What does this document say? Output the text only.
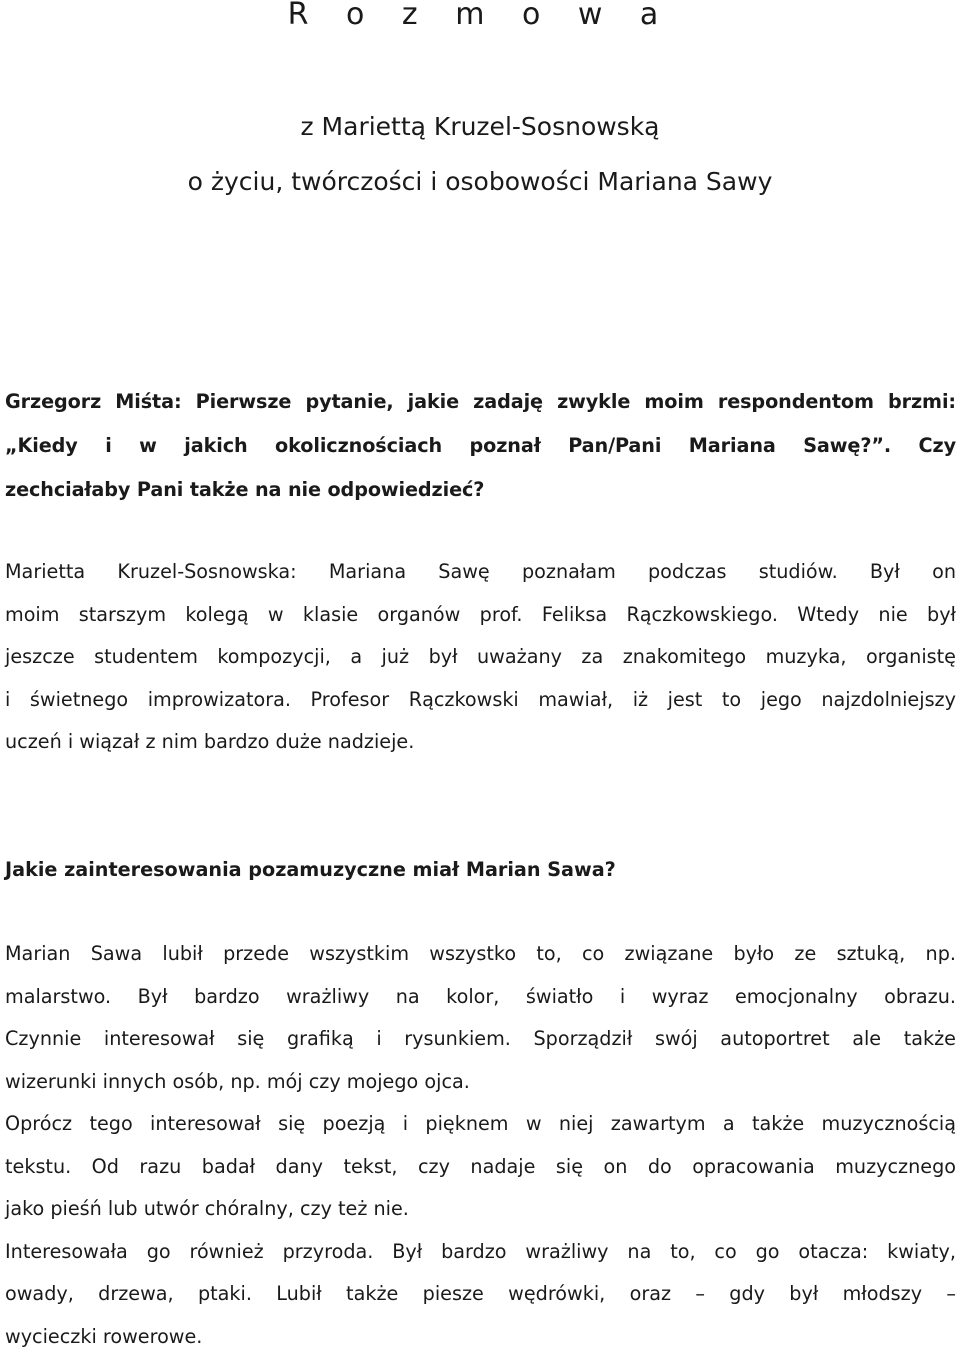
R o z m o w a

z Mariettą Kruzel-Sosnowską

o życiu, twórczości i osobowości Mariana Sawy

Grzegorz Miśta: Pierwsze pytanie, jakie zadaję zwykle moim respondentom brzmi:
„Kiedy i w jakich okolicznościach poznał Pan/Pani Mariana Sawę?”. Czy
zechciałaby Pani także na nie odpowiedzieć?
Marietta Kruzel-Sosnowska: Mariana Sawę poznałam podczas studiów. Był on
moim starszym kolegą w klasie organów prof. Feliksa Rączkowskiego. Wtedy nie był
jeszcze studentem kompozycji, a już był uważany za znakomitego muzyka, organistę
i świetnego improwizatora. Profesor Rączkowski mawiał, iż jest to jego najzdolniejszy
uczeń i wiązał z nim bardzo duże nadzieje.
Jakie zainteresowania pozamuzyczne miał Marian Sawa?
Marian Sawa lubił przede wszystkim wszystko to, co związane było ze sztuką, np.
malarstwo. Był bardzo wrażliwy na kolor, światło i wyraz emocjonalny obrazu.
Czynnie interesował się grafiką i rysunkiem. Sporządził swój autoportret ale także
wizerunki innych osób, np. mój czy mojego ojca.
Oprócz tego interesował się poezją i pięknem w niej zawartym a także muzycznością
tekstu. Od razu badał dany tekst, czy nadaje się on do opracowania muzycznego
jako pieśń lub utwór chóralny, czy też nie.
Interesowała go również przyroda. Był bardzo wrażliwy na to, co go otacza: kwiaty,
owady, drzewa, ptaki. Lubił także piesze wędrówki, oraz – gdy był młodszy –
wycieczki rowerowe.
